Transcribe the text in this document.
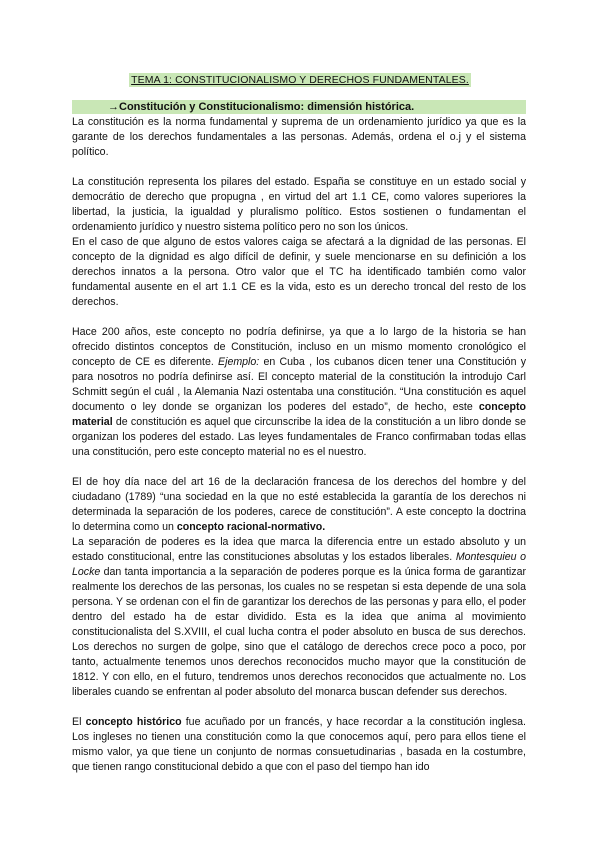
TEMA 1: CONSTITUCIONALISMO Y DERECHOS FUNDAMENTALES.
→Constitución y Constitucionalismo: dimensión histórica.

La constitución es la norma fundamental y suprema de un ordenamiento jurídico ya que es la garante de los derechos fundamentales a las personas. Además, ordena el o.j y el sistema político.

La constitución representa los pilares del estado. España se constituye en un estado social y democrátio de derecho que propugna , en virtud del art 1.1 CE, como valores superiores la libertad, la justicia, la igualdad y pluralismo político. Estos sostienen o fundamentan el ordenamiento jurídico y nuestro sistema político pero no son los únicos.

En el caso de que alguno de estos valores caiga se afectará a la dignidad de las personas. El concepto de la dignidad es algo difícil de definir, y suele mencionarse en su definición a los derechos innatos a la persona. Otro valor que el TC ha identificado también como valor fundamental ausente en el art 1.1 CE es la vida, esto es un derecho troncal del resto de los derechos.

Hace 200 años, este concepto no podría definirse, ya que a lo largo de la historia se han ofrecido distintos conceptos de Constitución, incluso en un mismo momento cronológico el concepto de CE es diferente. Ejemplo: en Cuba , los cubanos dicen tener una Constitución y para nosotros no podría definirse así. El concepto material de la constitución la introdujo Carl Schmitt según el cuál , la Alemania Nazi ostentaba una constitución. “Una constitución es aquel documento o ley donde se organizan los poderes del estado”, de hecho, este concepto material de constitución es aquel que circunscribe la idea de la constitución a un libro donde se organizan los poderes del estado. Las leyes fundamentales de Franco confirmaban todas ellas una constitución, pero este concepto material no es el nuestro.

El de hoy día nace del art 16 de la declaración francesa de los derechos del hombre y del ciudadano (1789) “una sociedad en la que no esté establecida la garantía de los derechos ni determinada la separación de los poderes, carece de constitución”. A este concepto la doctrina lo determina como un concepto racional-normativo.

La separación de poderes es la idea que marca la diferencia entre un estado absoluto y un estado constitucional, entre las constituciones absolutas y los estados liberales. Montesquieu o Locke dan tanta importancia a la separación de poderes porque es la única forma de garantizar realmente los derechos de las personas, los cuales no se respetan si esta depende de una sola persona. Y se ordenan con el fin de garantizar los derechos de las personas y para ello, el poder dentro del estado ha de estar dividido. Esta es la idea que anima al movimiento constitucionalista del S.XVIII, el cual lucha contra el poder absoluto en busca de sus derechos. Los derechos no surgen de golpe, sino que el catálogo de derechos crece poco a poco, por tanto, actualmente tenemos unos derechos reconocidos mucho mayor que la constitución de 1812. Y con ello, en el futuro, tendremos unos derechos reconocidos que actualmente no. Los liberales cuando se enfrentan al poder absoluto del monarca buscan defender sus derechos.

El concepto histórico fue acuñado por un francés, y hace recordar a la constitución inglesa. Los ingleses no tienen una constitución como la que conocemos aquí, pero para ellos tiene el mismo valor, ya que tiene un conjunto de normas consuetudinarias , basada en la costumbre, que tienen rango constitucional debido a que con el paso del tiempo han ido
